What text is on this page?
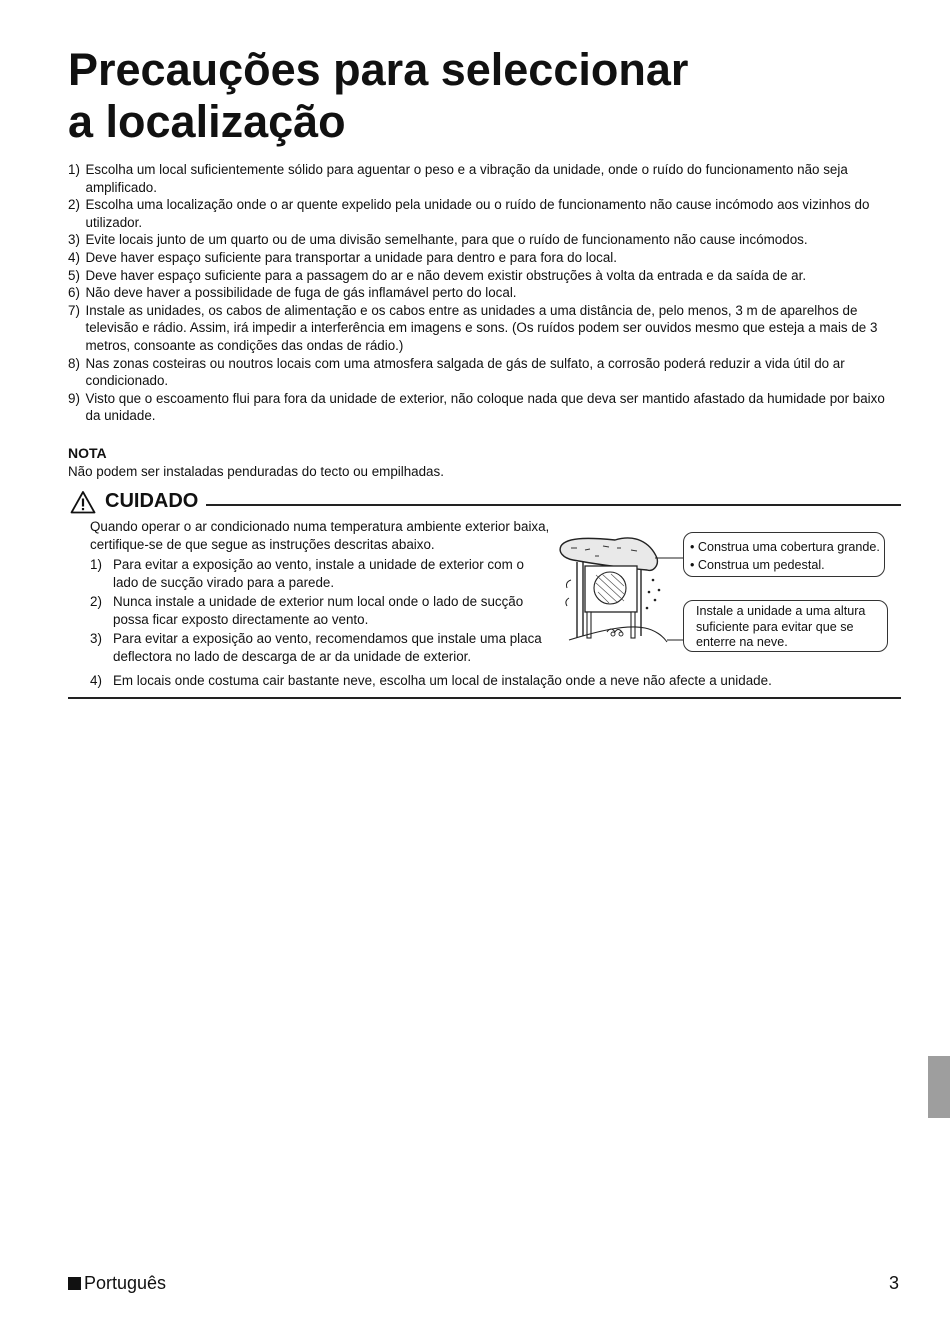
Precauções para seleccionar
a localização
1) Escolha um local suficientemente sólido para aguentar o peso e a vibração da unidade, onde o ruído do funcionamento não seja amplificado.
2) Escolha uma localização onde o ar quente expelido pela unidade ou o ruído de funcionamento não cause incómodo aos vizinhos do utilizador.
3) Evite locais junto de um quarto ou de uma divisão semelhante, para que o ruído de funcionamento não cause incómodos.
4) Deve haver espaço suficiente para transportar a unidade para dentro e para fora do local.
5) Deve haver espaço suficiente para a passagem do ar e não devem existir obstruções à volta da entrada e da saída de ar.
6) Não deve haver a possibilidade de fuga de gás inflamável perto do local.
7) Instale as unidades, os cabos de alimentação e os cabos entre as unidades a uma distância de, pelo menos, 3 m de aparelhos de televisão e rádio. Assim, irá impedir a interferência em imagens e sons. (Os ruídos podem ser ouvidos mesmo que esteja a mais de 3 metros, consoante as condições das ondas de rádio.)
8) Nas zonas costeiras ou noutros locais com uma atmosfera salgada de gás de sulfato, a corrosão poderá reduzir a vida útil do ar condicionado.
9) Visto que o escoamento flui para fora da unidade de exterior, não coloque nada que deva ser mantido afastado da humidade por baixo da unidade.
NOTA
Não podem ser instaladas penduradas do tecto ou empilhadas.
CUIDADO
Quando operar o ar condicionado numa temperatura ambiente exterior baixa, certifique-se de que segue as instruções descritas abaixo.
1) Para evitar a exposição ao vento, instale a unidade de exterior com o lado de sucção virado para a parede.
2) Nunca instale a unidade de exterior num local onde o lado de sucção possa ficar exposto directamente ao vento.
3) Para evitar a exposição ao vento, recomendamos que instale uma placa deflectora no lado de descarga de ar da unidade de exterior.
4) Em locais onde costuma cair bastante neve, escolha um local de instalação onde a neve não afecte a unidade.
• Construa uma cobertura grande.
• Construa um pedestal.
Instale a unidade a uma altura
suficiente para evitar que se
enterre na neve.
Português	3
